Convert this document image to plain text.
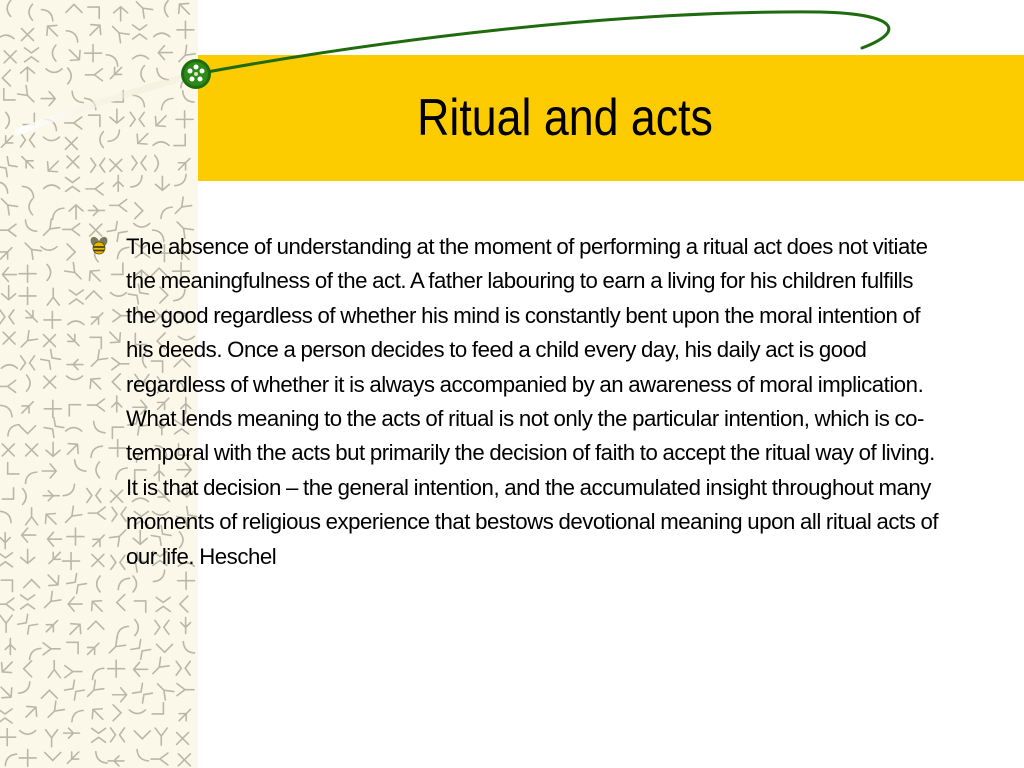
Ritual and acts
The absence of understanding at the moment of performing a ritual act does not vitiate the meaningfulness of the act. A father labouring to earn a living for his children fulfills the good regardless of whether his mind is constantly bent upon the moral intention of his deeds. Once a person decides to feed a child every day, his daily act is good regardless of whether it is always accompanied by an awareness of moral implication. What lends meaning to the acts of ritual is not only the particular intention, which is co-temporal with the acts but primarily the decision of faith to accept the ritual way of living. It is that decision – the general intention, and the accumulated insight throughout many moments of religious experience that bestows devotional meaning upon all ritual acts of our life. Heschel
